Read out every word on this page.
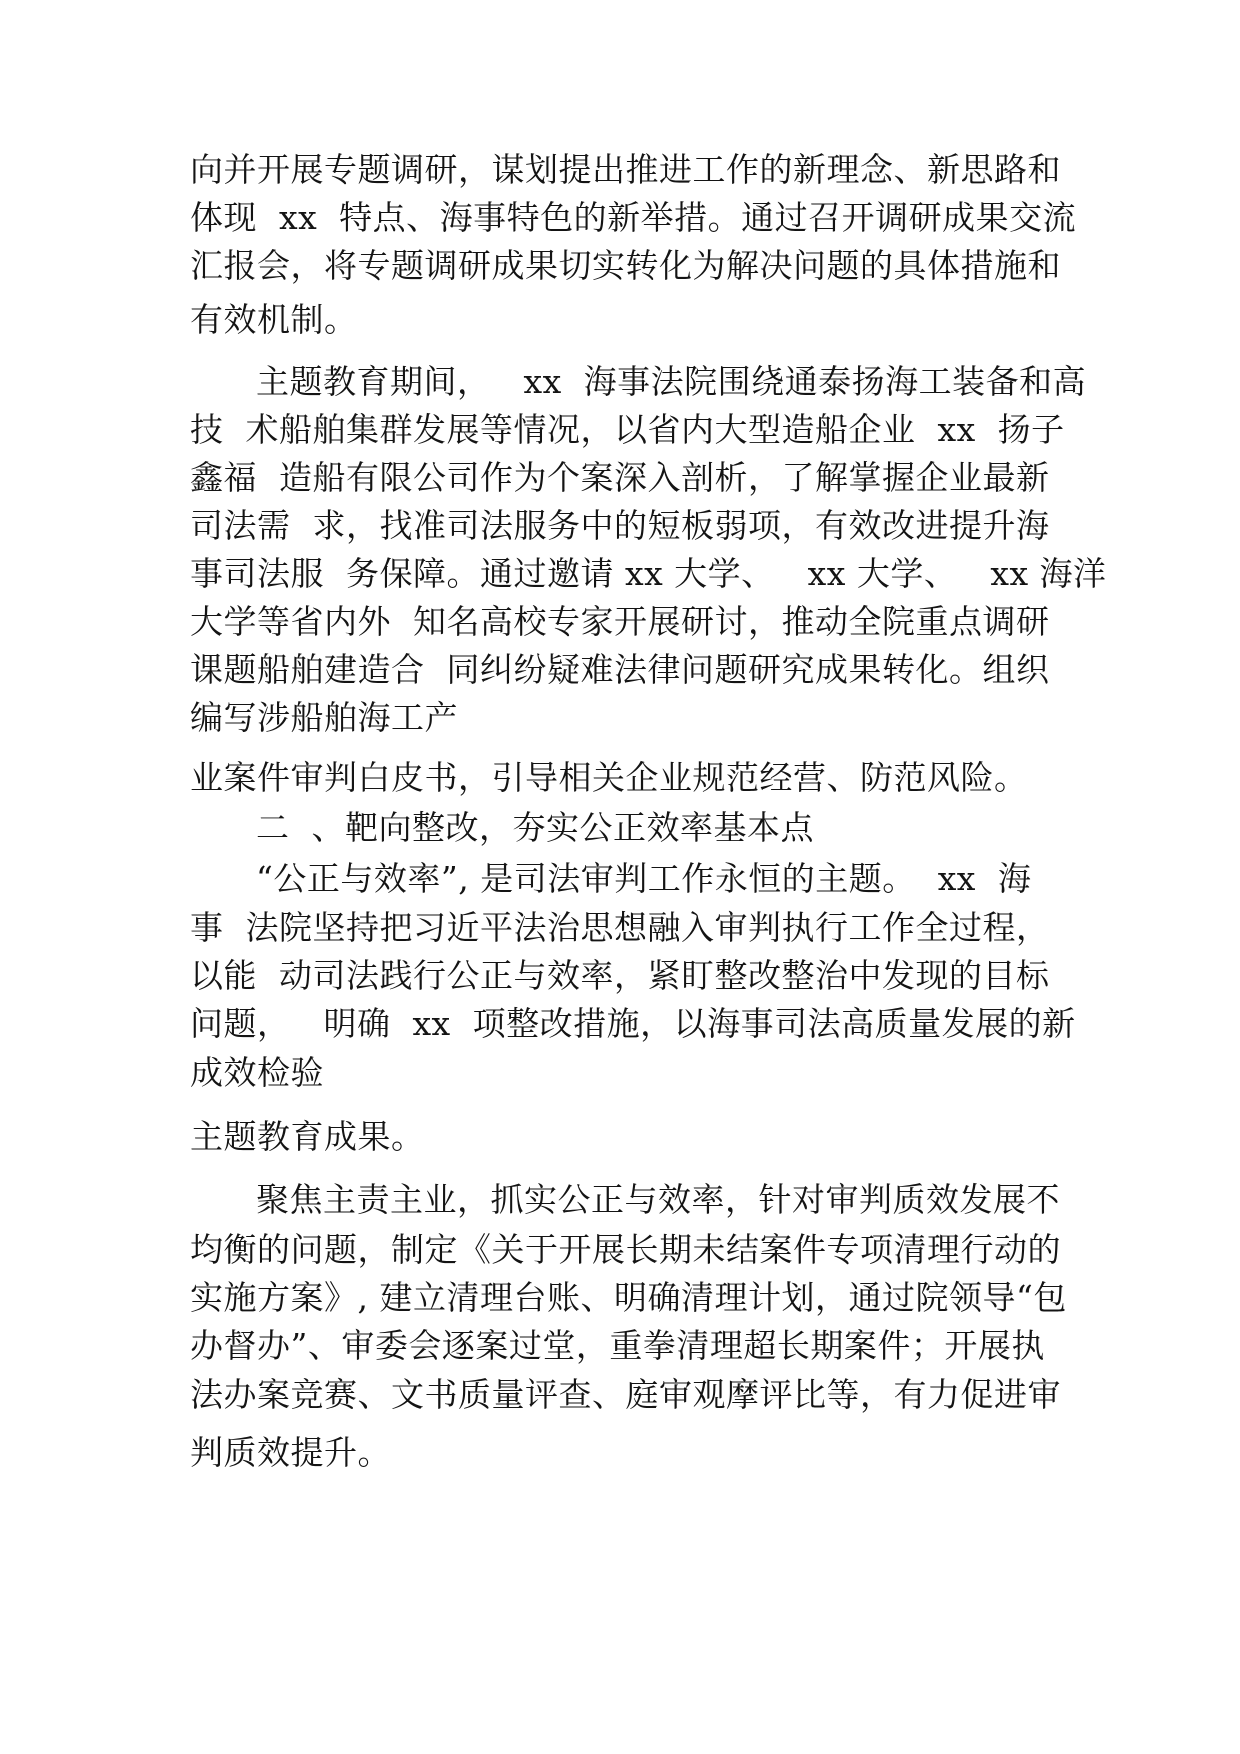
向并开展专题调研，谋划提出推进工作的新理念、新思路和
体现  xx  特点、海事特色的新举措。通过召开调研成果交流
汇报会，将专题调研成果切实转化为解决问题的具体措施和
有效机制。
主题教育期间，   xx  海事法院围绕通泰扬海工装备和高
技  术船舶集群发展等情况，以省内大型造船企业  xx  扬子
鑫福  造船有限公司作为个案深入剖析，了解掌握企业最新
司法需  求，找准司法服务中的短板弱项，有效改进提升海
事司法服  务保障。通过邀请 xx 大学、   xx 大学、   xx 海洋
大学等省内外  知名高校专家开展研讨，推动全院重点调研
课题船舶建造合  同纠纷疑难法律问题研究成果转化。组织
编写涉船舶海工产
业案件审判白皮书，引导相关企业规范经营、防范风险。
二  、靶向整改，夯实公正效率基本点
“公正与效率”, 是司法审判工作永恒的主题。  xx  海
事  法院坚持把习近平法治思想融入审判执行工作全过程，
以能  动司法践行公正与效率，紧盯整改整治中发现的目标
问题，   明确  xx  项整改措施，以海事司法高质量发展的新
成效检验
主题教育成果。
聚焦主责主业，抓实公正与效率，针对审判质效发展不
均衡的问题，制定《关于开展长期未结案件专项清理行动的
实施方案》, 建立清理台账、明确清理计划，通过院领导“包
办督办”、审委会逐案过堂，重拳清理超长期案件；开展执
法办案竞赛、文书质量评查、庭审观摩评比等，有力促进审
判质效提升。
